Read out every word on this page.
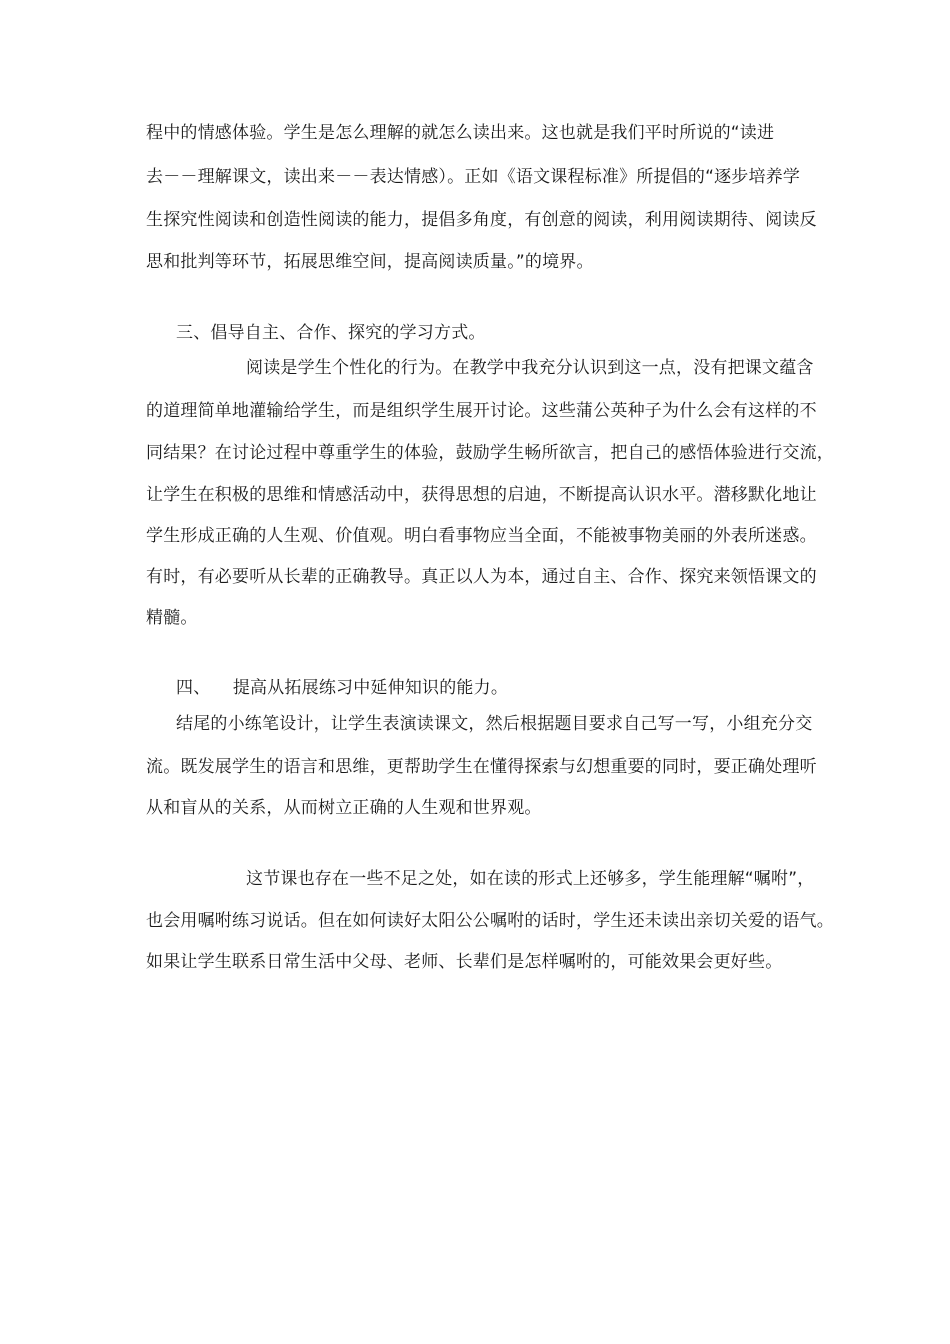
程中的情感体验。学生是怎么理解的就怎么读出来。这也就是我们平时所说的“读进
去－－理解课文，读出来－－表达情感）。正如《语文课程标准》所提倡的“逐步培养学
生探究性阅读和创造性阅读的能力，提倡多角度，有创意的阅读，利用阅读期待、阅读反
思和批判等环节，拓展思维空间，提高阅读质量。”的境界。
三、倡导自主、合作、探究的学习方式。
阅读是学生个性化的行为。在教学中我充分认识到这一点，没有把课文蕴含
的道理简单地灌输给学生，而是组织学生展开讨论。这些蒲公英种子为什么会有这样的不
同结果？在讨论过程中尊重学生的体验，鼓励学生畅所欲言，把自己的感悟体验进行交流，
让学生在积极的思维和情感活动中，获得思想的启迪，不断提高认识水平。潜移默化地让
学生形成正确的人生观、价值观。明白看事物应当全面，不能被事物美丽的外表所迷惑。
有时，有必要听从长辈的正确教导。真正以人为本，通过自主、合作、探究来领悟课文的
精髓。
四、    提高从拓展练习中延伸知识的能力。
结尾的小练笔设计，让学生表演读课文，然后根据题目要求自己写一写，小组充分交
流。既发展学生的语言和思维，更帮助学生在懂得探索与幻想重要的同时，要正确处理听
从和盲从的关系，从而树立正确的人生观和世界观。
这节课也存在一些不足之处，如在读的形式上还够多，学生能理解“嘱咐”，
也会用嘱咐练习说话。但在如何读好太阳公公嘱咐的话时，学生还未读出亲切关爱的语气。
如果让学生联系日常生活中父母、老师、长辈们是怎样嘱咐的，可能效果会更好些。
